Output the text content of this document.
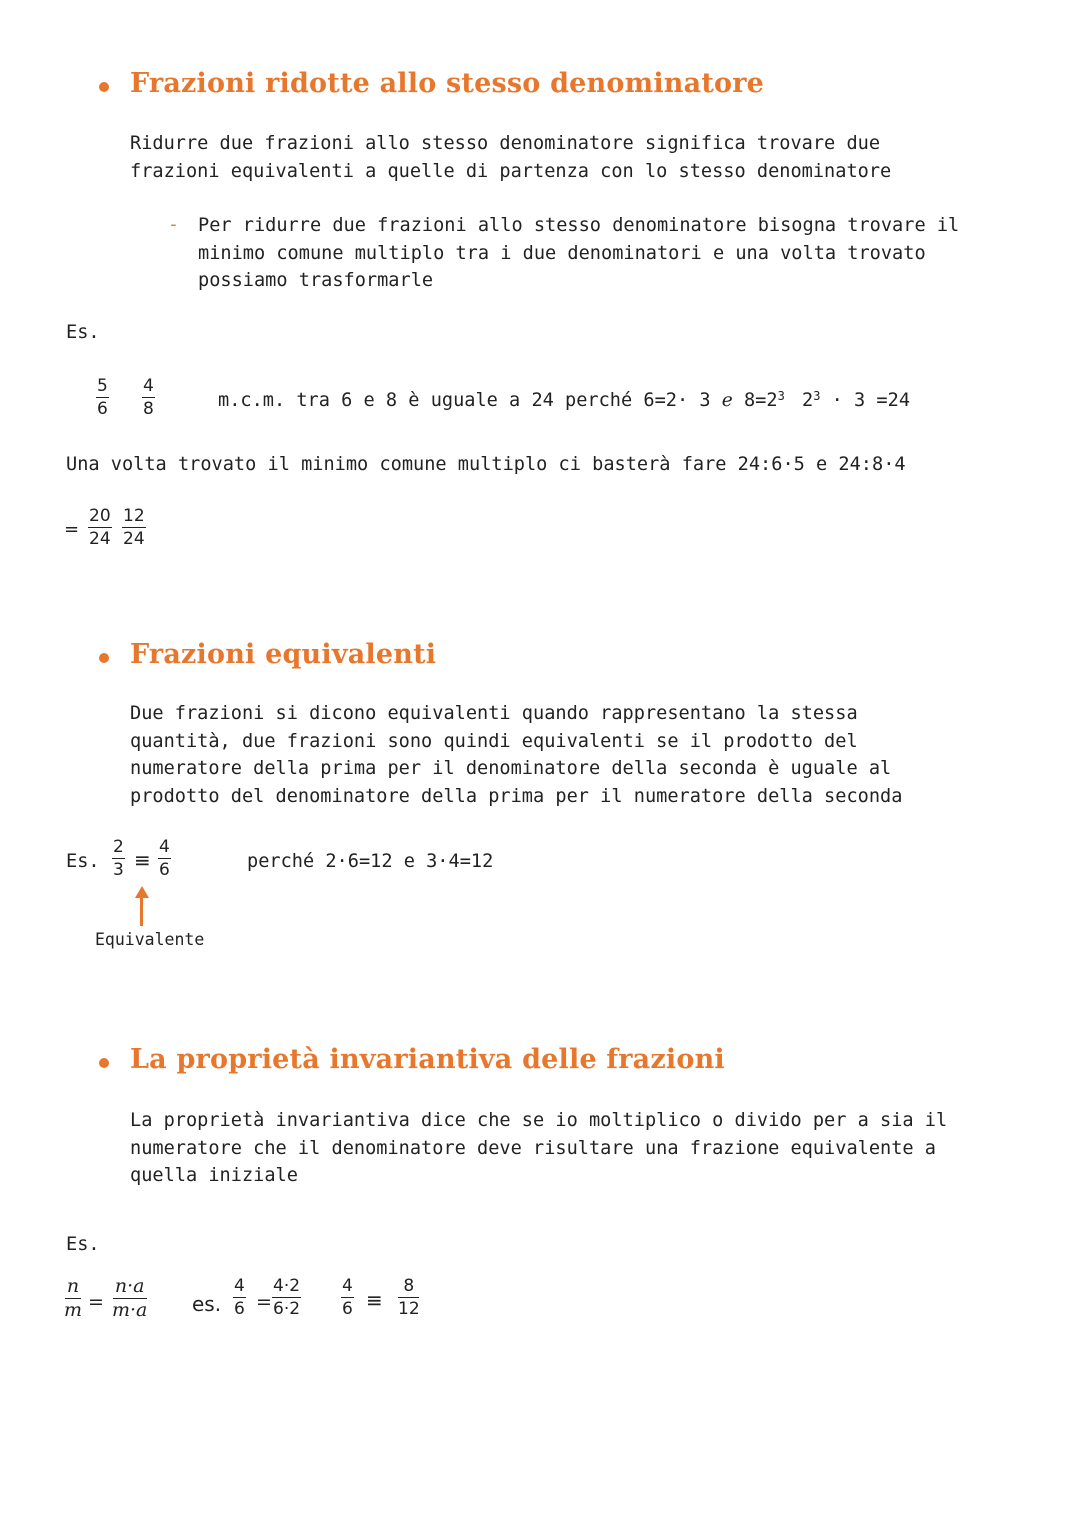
Frazioni ridotte allo stesso denominatore
Ridurre due frazioni allo stesso denominatore significa trovare due
frazioni equivalenti a quelle di partenza con lo stesso denominatore
- Per ridurre due frazioni allo stesso denominatore bisogna trovare il
minimo comune multiplo tra i due denominatori e una volta trovato
possiamo trasformarle
Es.
$\frac{5}{6} \frac{4}{8}$	m.c.m. tra 6 e 8 è uguale a 24 perché 6=2· 3 e $8=2^3$ $2^3 \cdot 3 =24$
Una volta trovato il minimo comune multiplo ci basterà fare 24:6·5 e 24:8·4
= $\frac{20}{24} \frac{12}{24}$
Frazioni equivalenti
Due frazioni si dicono equivalenti quando rappresentano la stessa
quantità, due frazioni sono quindi equivalenti se il prodotto del
numeratore della prima per il denominatore della seconda è uguale al
prodotto del denominatore della prima per il numeratore della seconda
Es. $\frac{2}{3} \equiv \frac{4}{6}$	perché 2·6=12 e 3·4=12
Equivalente
La proprietà invariantiva delle frazioni
La proprietà invariantiva dice che se io moltiplico o divido per a sia il
numeratore che il denominatore deve risultare una frazione equivalente a
quella iniziale
Es.
$\frac{n}{m} = \frac{n\cdot a}{m\cdot a}$ es. $\frac{4}{6} = \frac{4\cdot 2}{6\cdot 2} \frac{4}{6} \equiv \frac{8}{12}$
